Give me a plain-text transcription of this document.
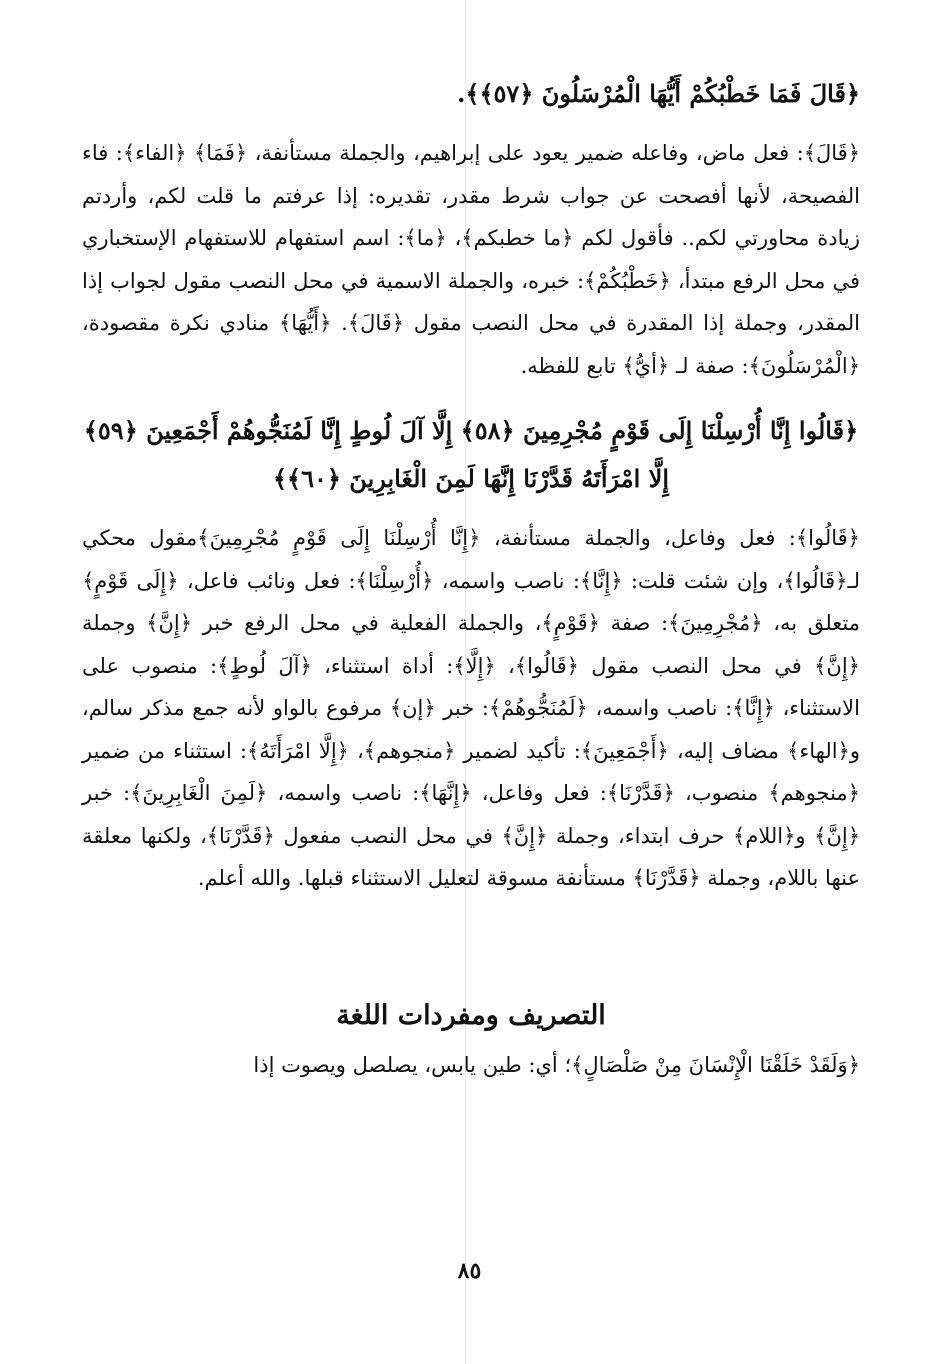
﴿قَالَ فَمَا خَطْبُكُمْ أَيُّهَا الْمُرْسَلُونَ ﴿٥٧﴾﴾.

﴿قَالَ﴾: فعل ماض، وفاعله ضمير يعود على إبراهيم، والجملة مستأنفة، ﴿فَمَا﴾ ﴿الفاء﴾: فاء الفصيحة، لأنها أفصحت عن جواب شرط مقدر، تقديره: إذا عرفتم ما قلت لكم، وأردتم زيادة محاورتي لكم.. فأقول لكم ﴿ما خطبكم﴾، ﴿ما﴾: اسم استفهام للاستفهام الإستخباري في محل الرفع مبتدأ، ﴿خَطْبُكُمْ﴾: خبره، والجملة الاسمية في محل النصب مقول لجواب إذا المقدر، وجملة إذا المقدرة في محل النصب مقول ﴿قَالَ﴾. ﴿أَيُّهَا﴾ منادي نكرة مقصودة، ﴿الْمُرْسَلُونَ﴾: صفة لـ ﴿أيُّ﴾ تابع للفظه.

﴿قَالُوا إِنَّا أُرْسِلْنَا إِلَى قَوْمٍ مُجْرِمِينَ ﴿٥٨﴾ إِلَّا آلَ لُوطٍ إِنَّا لَمُنَجُّوهُمْ أَجْمَعِينَ ﴿٥٩﴾ إِلَّا امْرَأَتَهُ قَدَّرْنَا إِنَّهَا لَمِنَ الْغَابِرِينَ ﴿٦٠﴾﴾

﴿قَالُوا﴾: فعل وفاعل، والجملة مستأنفة، ﴿إِنَّا أُرْسِلْنَا إِلَى قَوْمٍ مُجْرِمِينَ﴾مقول محكي لـ﴿قَالُوا﴾، وإن شئت قلت: ﴿إِنَّا﴾: ناصب واسمه، ﴿أُرْسِلْنَا﴾: فعل ونائب فاعل، ﴿إِلَى قَوْمٍ﴾ متعلق به، ﴿مُجْرِمِينَ﴾: صفة ﴿قَوْمٍ﴾، والجملة الفعلية في محل الرفع خبر ﴿إِنَّ﴾ وجملة ﴿إِنَّ﴾ في محل النصب مقول ﴿قَالُوا﴾، ﴿إِلَّا﴾: أداة استثناء، ﴿آلَ لُوطٍ﴾: منصوب على الاستثناء، ﴿إِنَّا﴾: ناصب واسمه، ﴿لَمُنَجُّوهُمْ﴾: خبر ﴿إن﴾ مرفوع بالواو لأنه جمع مذكر سالم، و﴿الهاء﴾ مضاف إليه، ﴿أَجْمَعِينَ﴾: تأكيد لضمير ﴿منجوهم﴾، ﴿إِلَّا امْرَأَتَهُ﴾: استثناء من ضمير ﴿منجوهم﴾ منصوب، ﴿قَدَّرْنَا﴾: فعل وفاعل، ﴿إِنَّهَا﴾: ناصب واسمه، ﴿لَمِنَ الْغَابِرِينَ﴾: خبر ﴿إِنَّ﴾ و﴿اللام﴾ حرف ابتداء، وجملة ﴿إِنَّ﴾ في محل النصب مفعول ﴿قَدَّرْنَا﴾، ولكنها معلقة عنها باللام، وجملة ﴿قَدَّرْنَا﴾ مستأنفة مسوقة لتعليل الاستثناء قبلها. والله أعلم.

التصريف ومفردات اللغة

﴿وَلَقَدْ خَلَقْنَا الْإِنْسَانَ مِنْ صَلْصَالٍ﴾؛ أي: طين يابس، يصلصل ويصوت إذا

٨٥
